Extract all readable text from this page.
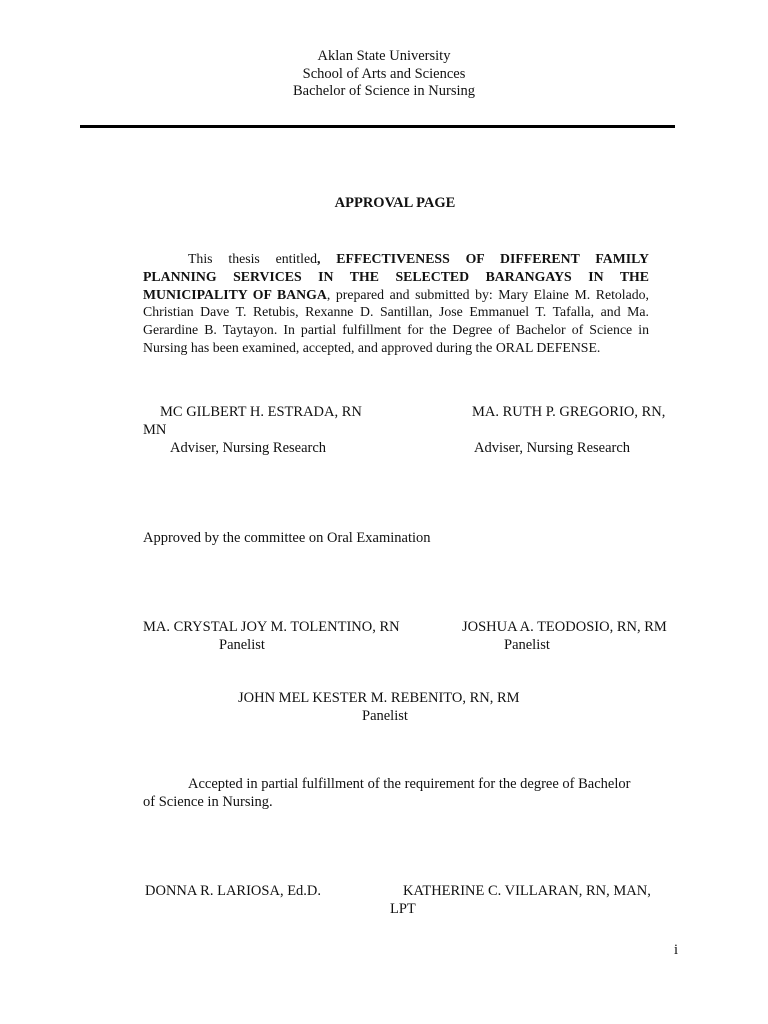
Aklan State University
School of Arts and Sciences
Bachelor of Science in Nursing
APPROVAL PAGE
This thesis entitled, EFFECTIVENESS OF DIFFERENT FAMILY PLANNING SERVICES IN THE SELECTED BARANGAYS IN THE MUNICIPALITY OF BANGA, prepared and submitted by: Mary Elaine M. Retolado, Christian Dave T. Retubis, Rexanne D. Santillan, Jose Emmanuel T. Tafalla, and Ma. Gerardine B. Taytayon. In partial fulfillment for the Degree of Bachelor of Science in Nursing has been examined, accepted, and approved during the ORAL DEFENSE.
MC GILBERT H. ESTRADA, RN	MA. RUTH P. GREGORIO, RN,
MN
Adviser, Nursing Research	Adviser, Nursing Research
Approved by the committee on Oral Examination
MA. CRYSTAL JOY M. TOLENTINO, RN
Panelist
JOSHUA A. TEODOSIO, RN, RM
Panelist
JOHN MEL KESTER M. REBENITO, RN, RM
Panelist
Accepted in partial fulfillment of the requirement for the degree of Bachelor
of Science in Nursing.
DONNA R. LARIOSA, Ed.D.	KATHERINE C. VILLARAN, RN, MAN,
LPT
i
